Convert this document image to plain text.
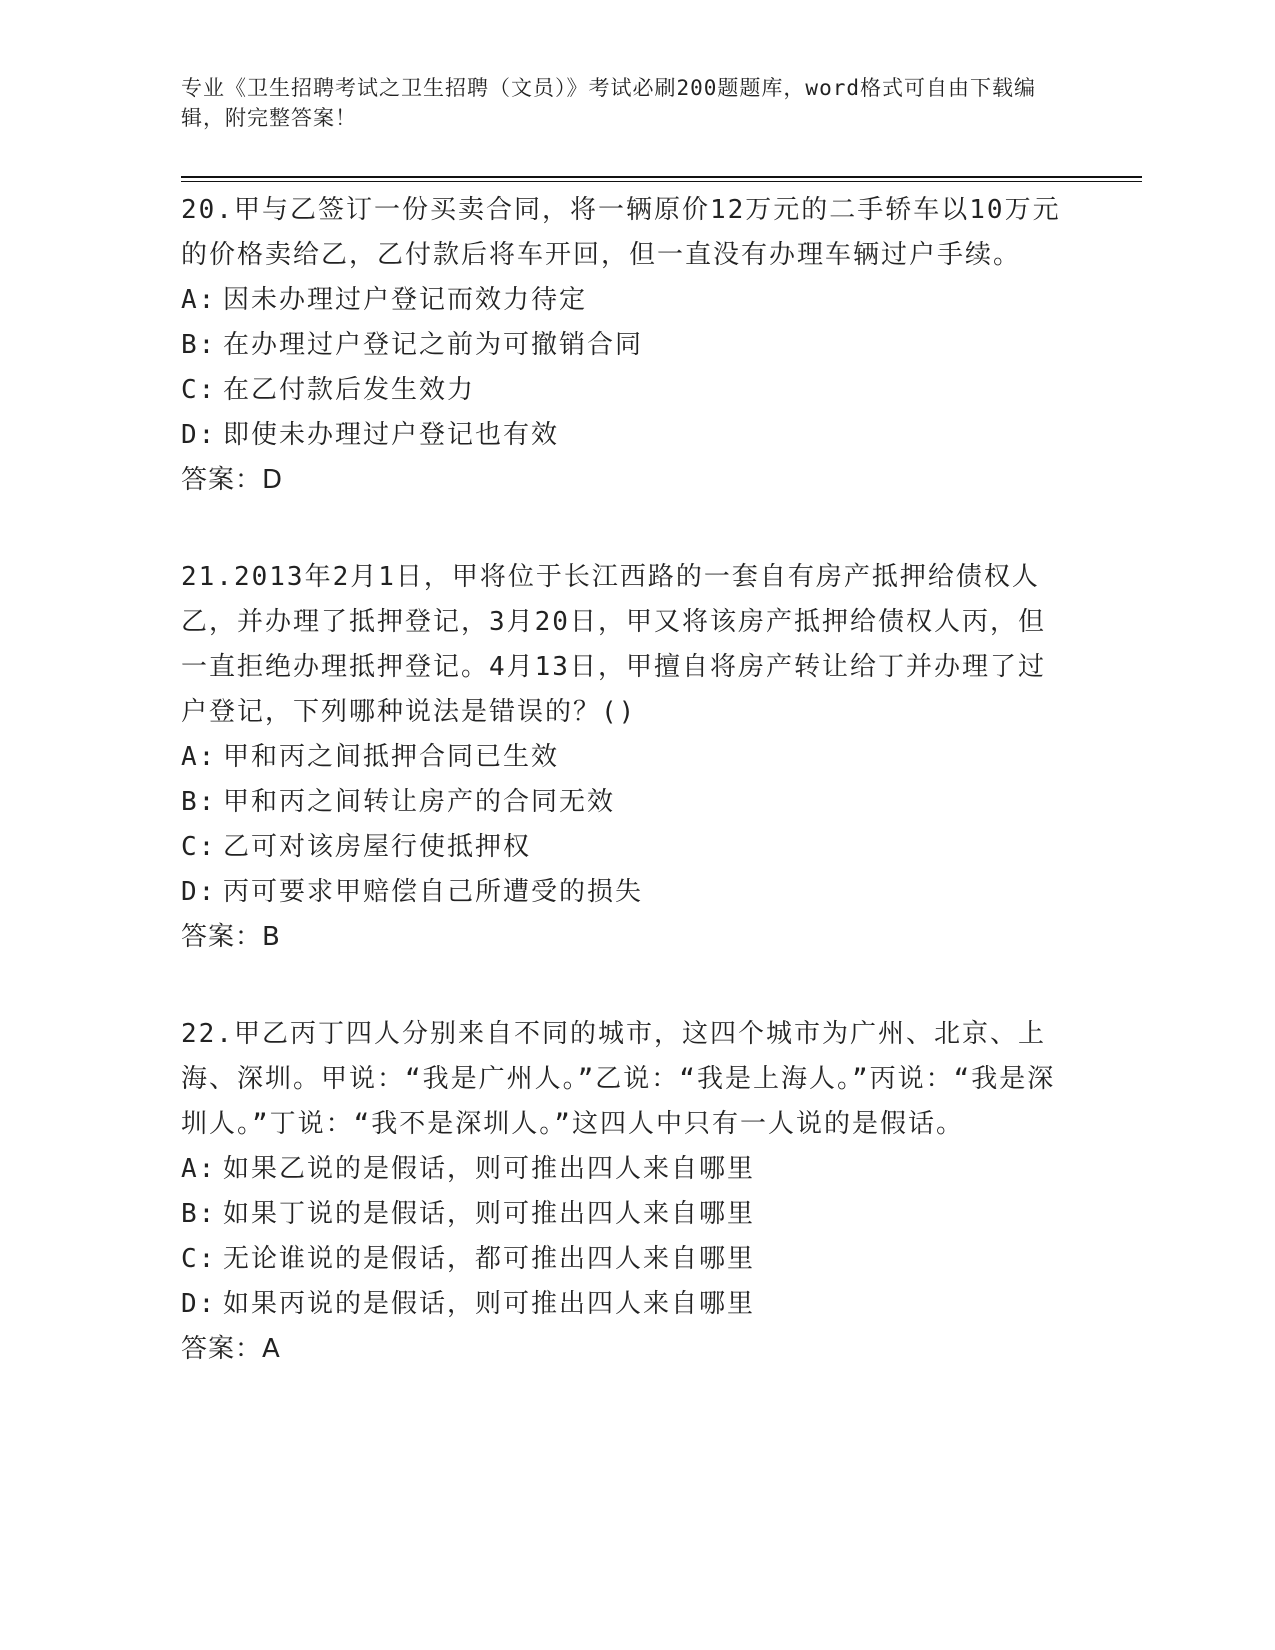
专业《卫生招聘考试之卫生招聘（文员）》考试必刷200题题库，word格式可自由下载编辑，附完整答案！

20.甲与乙签订一份买卖合同，将一辆原价12万元的二手轿车以10万元的价格卖给乙，乙付款后将车开回，但一直没有办理车辆过户手续。

A: 因未办理过户登记而效力待定
B: 在办理过户登记之前为可撤销合同
C: 在乙付款后发生效力
D: 即使未办理过户登记也有效

答案：D

21.2013年2月1日，甲将位于长江西路的一套自有房产抵押给债权人乙，并办理了抵押登记，3月20日，甲又将该房产抵押给债权人丙，但一直拒绝办理抵押登记。4月13日，甲擅自将房产转让给丁并办理了过户登记，下列哪种说法是错误的？()

A: 甲和丙之间抵押合同已生效
B: 甲和丙之间转让房产的合同无效
C: 乙可对该房屋行使抵押权
D: 丙可要求甲赔偿自己所遭受的损失

答案：B

22.甲乙丙丁四人分别来自不同的城市，这四个城市为广州、北京、上海、深圳。甲说：“我是广州人。”乙说：“我是上海人。”丙说：“我是深圳人。”丁说：“我不是深圳人。”这四人中只有一人说的是假话。

A: 如果乙说的是假话，则可推出四人来自哪里
B: 如果丁说的是假话，则可推出四人来自哪里
C: 无论谁说的是假话，都可推出四人来自哪里
D: 如果丙说的是假话，则可推出四人来自哪里

答案：A
